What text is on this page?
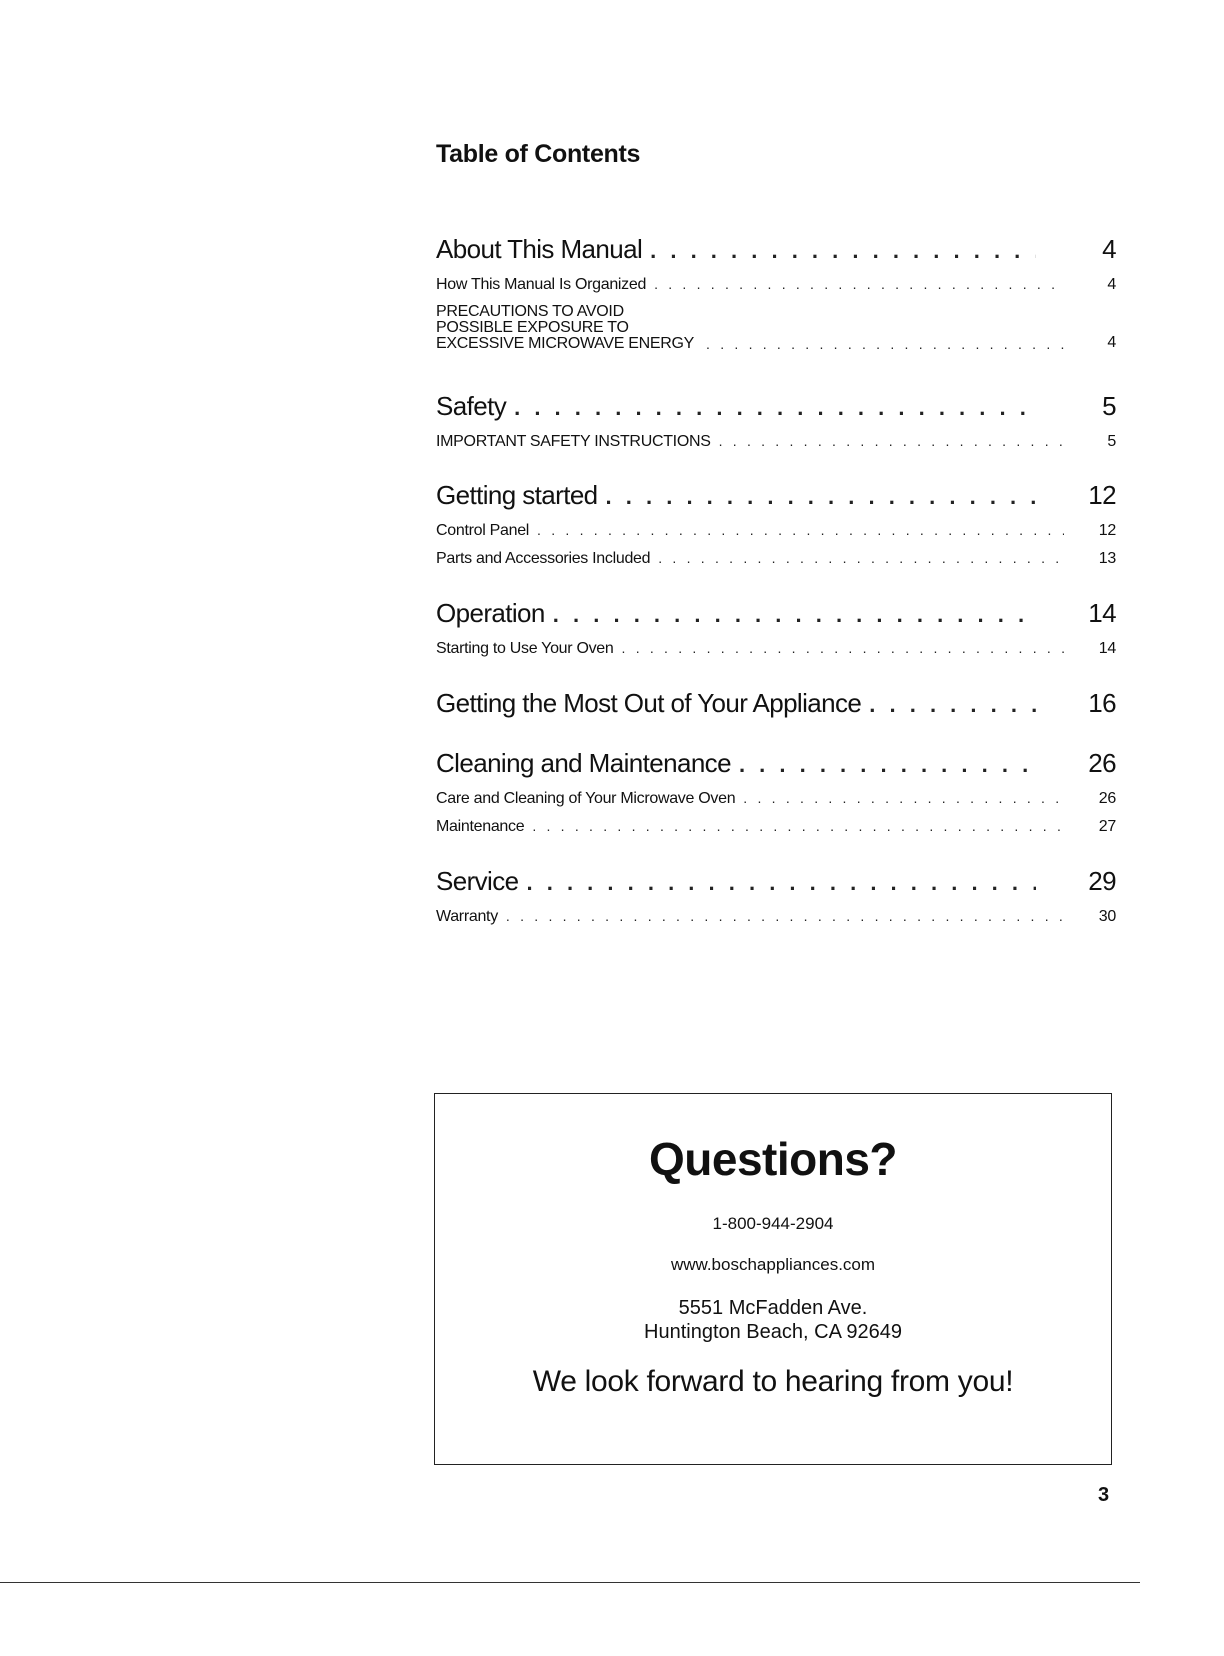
Table of Contents
About This Manual . . .	4
How This Manual Is Organized . . .	4
PRECAUTIONS TO AVOID
POSSIBLE EXPOSURE TO
EXCESSIVE MICROWAVE ENERGY . . .	4
Safety . . .	5
IMPORTANT SAFETY INSTRUCTIONS . . .	5
Getting started . . .	12
Control Panel . . .	12
Parts and Accessories Included . . .	13
Operation . . .	14
Starting to Use Your Oven . . .	14
Getting the Most Out of Your Appliance . . .	16
Cleaning and Maintenance . . .	26
Care and Cleaning of Your Microwave Oven . . .	26
Maintenance . . .	27
Service . . .	29
Warranty . . .	30
Questions?
1-800-944-2904
www.boschappliances.com
5551 McFadden Ave.
Huntington Beach, CA 92649
We look forward to hearing from you!
3
